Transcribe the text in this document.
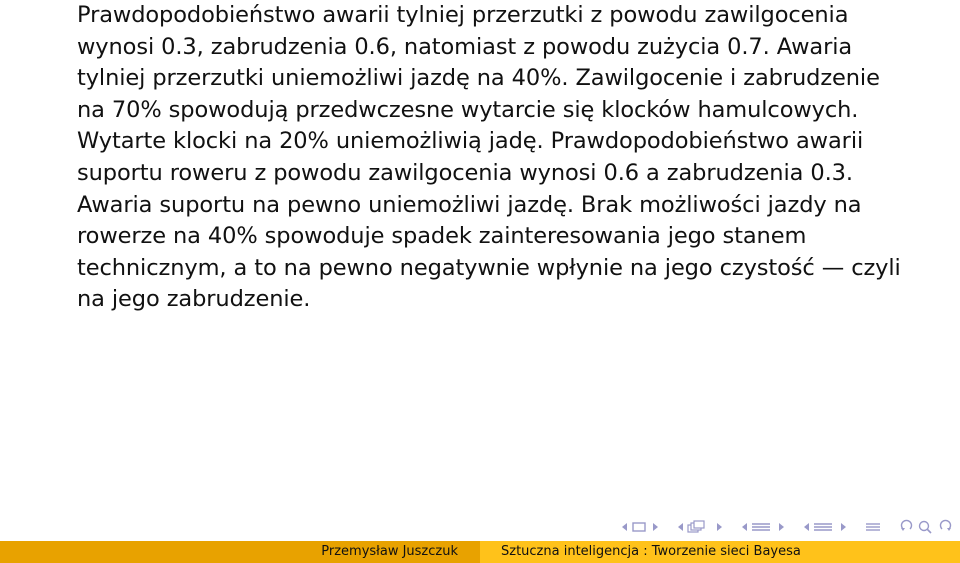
Prawdopodobieństwo awarii tylniej przerzutki z powodu zawilgocenia
wynosi 0.3, zabrudzenia 0.6, natomiast z powodu zużycia 0.7. Awaria
tylniej przerzutki uniemożliwi jazdę na 40%. Zawilgocenie i zabrudzenie
na 70% spowodują przedwczesne wytarcie się klocków hamulcowych.
Wytarte klocki na 20% uniemożliwią jadę. Prawdopodobieństwo awarii
suportu roweru z powodu zawilgocenia wynosi 0.6 a zabrudzenia 0.3.
Awaria suportu na pewno uniemożliwi jazdę. Brak możliwości jazdy na
rowerze na 40% spowoduje spadek zainteresowania jego stanem
technicznym, a to na pewno negatywnie wpłynie na jego czystość — czyli
na jego zabrudzenie.
Przemysław Juszczuk	Sztuczna inteligencja : Tworzenie sieci Bayesa
